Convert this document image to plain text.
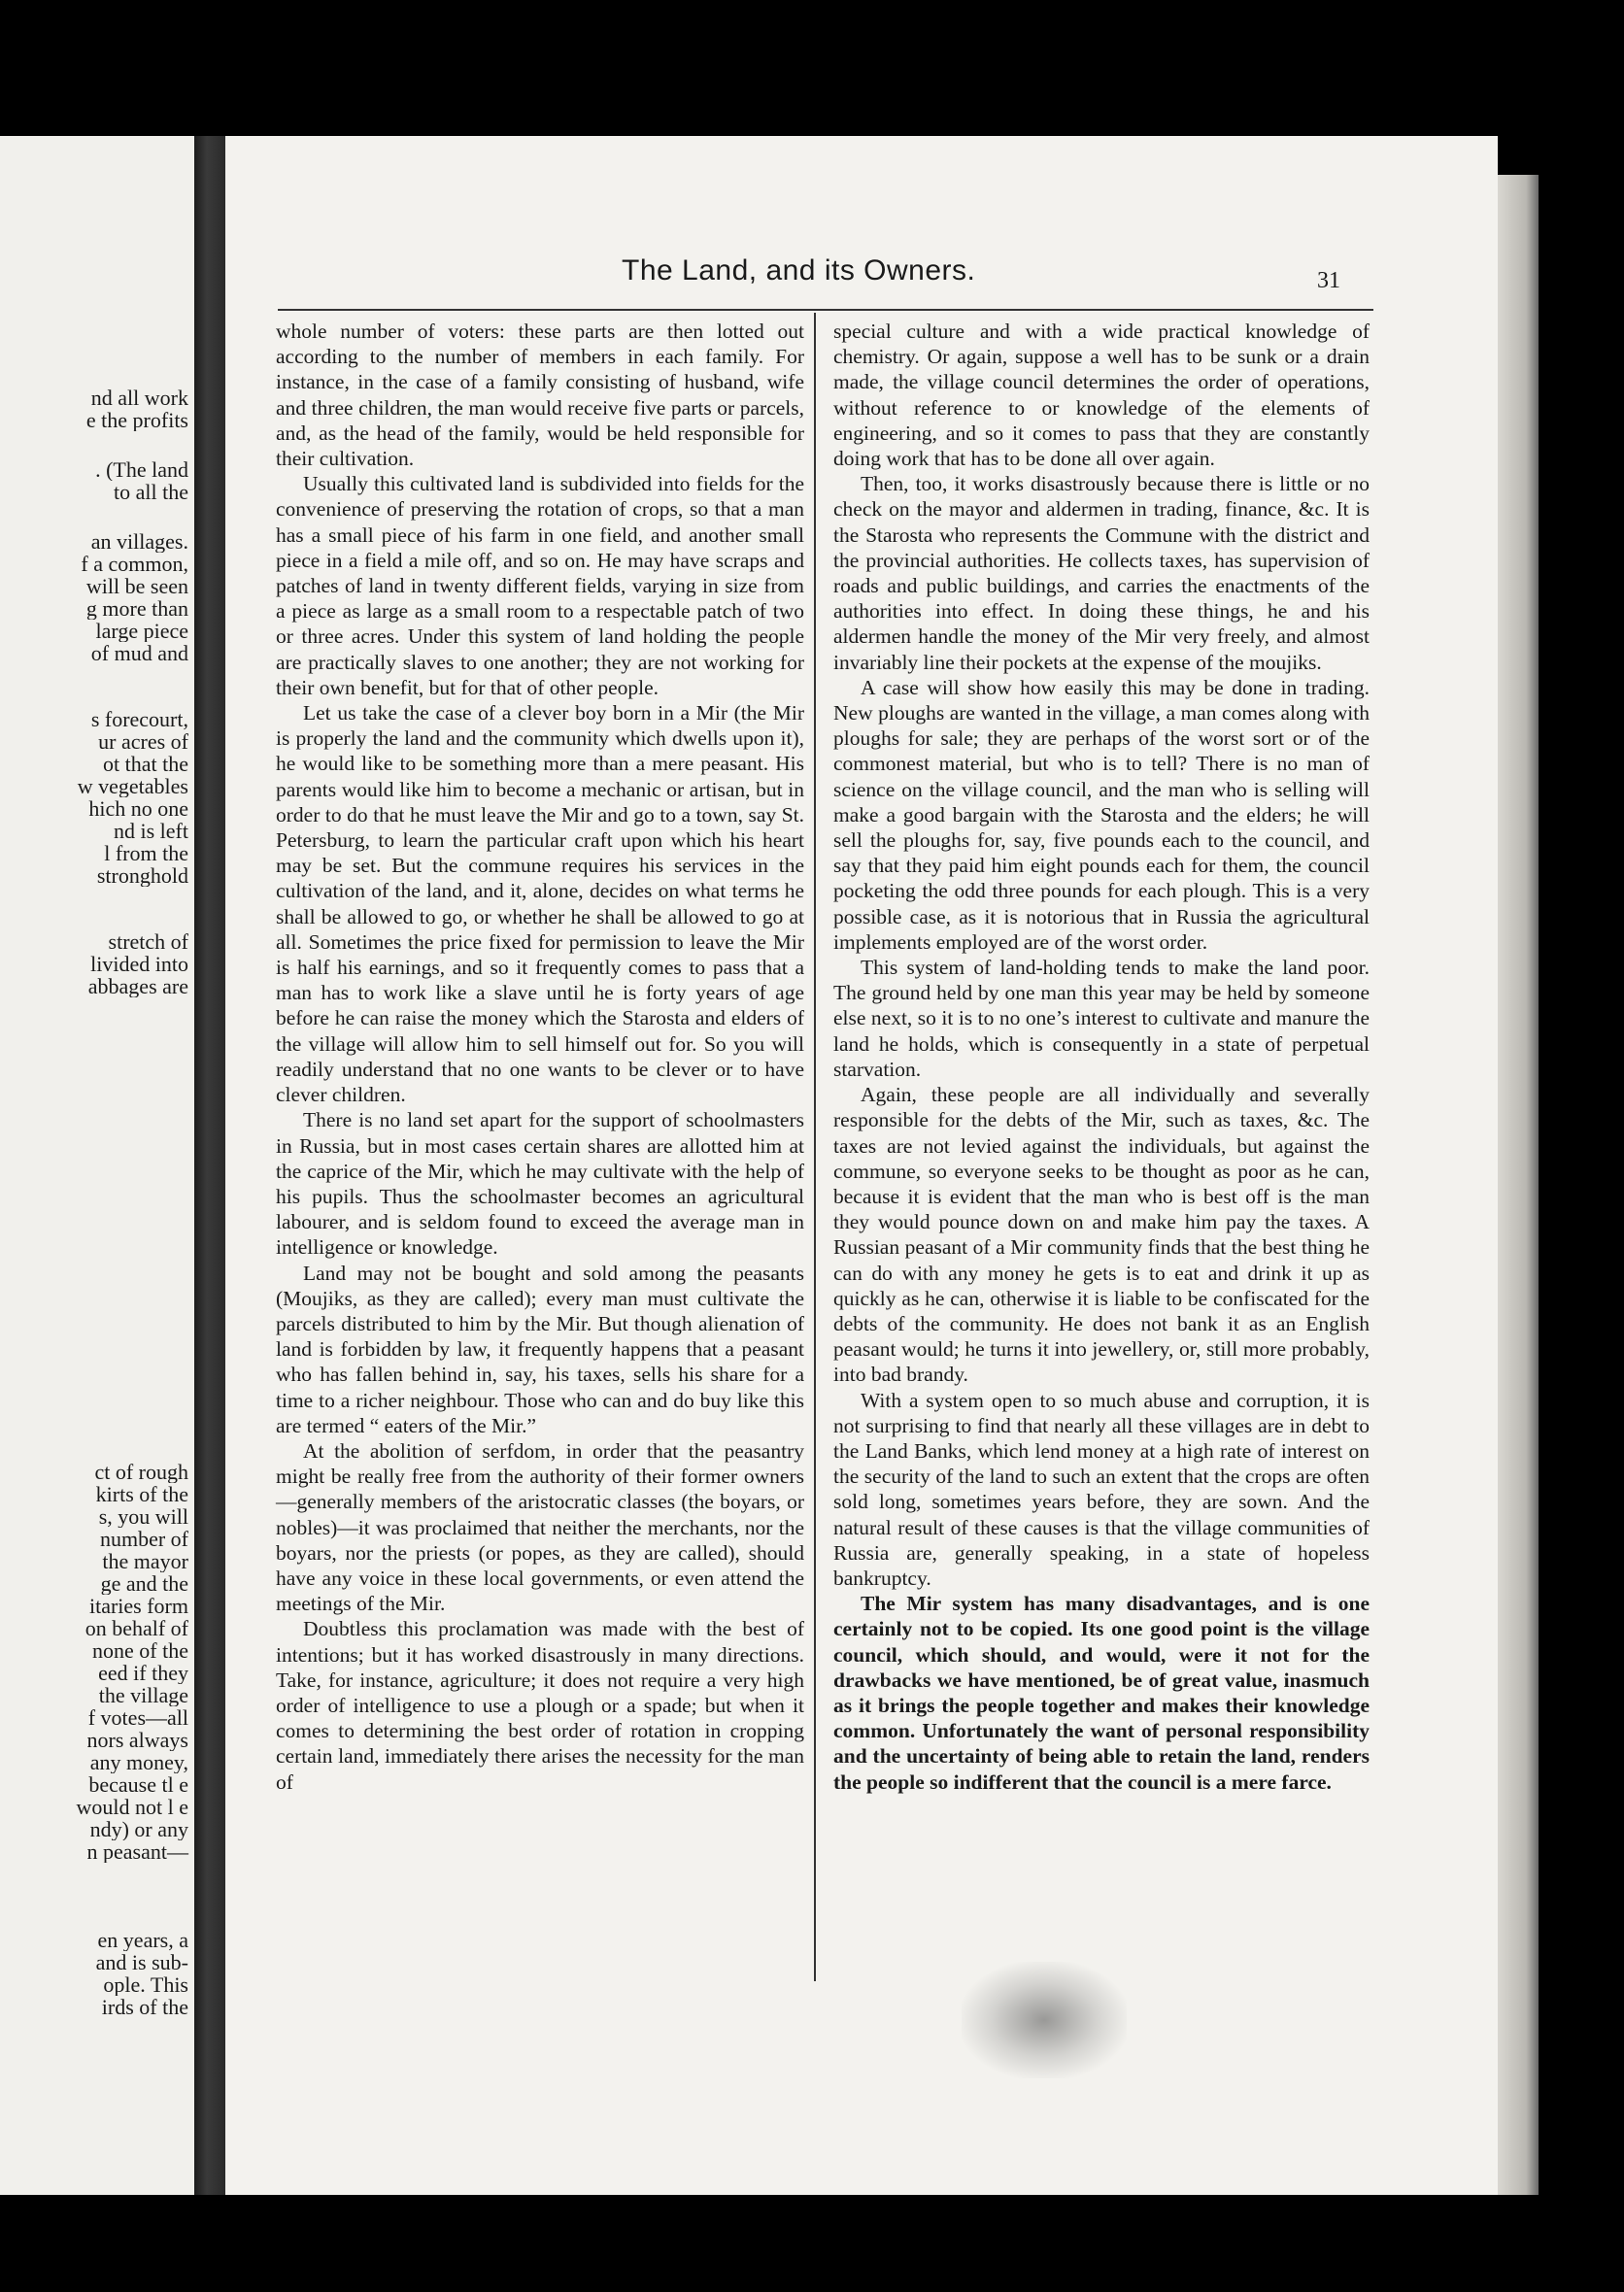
nd all work
e the profits
. (The land
to all the
an villages.
f a common,
will be seen
g more than
large piece
of mud and
s forecourt,
ur acres of
ot that the
w vegetables
hich no one
nd is left
l from the
stronghold
stretch of
livided into
abbages are
ct of rough
kirts of the
s, you will
number of
the mayor
ge and the
itaries form
on behalf of
none of the
eed if they
the village
f votes—all
nors always
any money,
because tl e
would not l e
ndy) or any
n peasant—
en years, a
and is sub-
ople. This
irds of the
The Land, and its Owners.	31

whole number of voters: these parts are then lotted out according to the number of members in each family. For instance, in the case of a family consisting of husband, wife and three children, the man would receive five parts or parcels, and, as the head of the family, would be held responsible for their cultivation.

Usually this cultivated land is subdivided into fields for the convenience of preserving the rotation of crops, so that a man has a small piece of his farm in one field, and another small piece in a field a mile off, and so on. He may have scraps and patches of land in twenty different fields, varying in size from a piece as large as a small room to a respectable patch of two or three acres. Under this system of land holding the people are practically slaves to one another; they are not working for their own benefit, but for that of other people.

Let us take the case of a clever boy born in a Mir (the Mir is properly the land and the community which dwells upon it), he would like to be something more than a mere peasant. His parents would like him to become a mechanic or artisan, but in order to do that he must leave the Mir and go to a town, say St. Petersburg, to learn the particular craft upon which his heart may be set. But the commune requires his services in the cultivation of the land, and it, alone, decides on what terms he shall be allowed to go, or whether he shall be allowed to go at all. Sometimes the price fixed for permission to leave the Mir is half his earnings, and so it frequently comes to pass that a man has to work like a slave until he is forty years of age before he can raise the money which the Starosta and elders of the village will allow him to sell himself out for. So you will readily understand that no one wants to be clever or to have clever children.

There is no land set apart for the support of schoolmasters in Russia, but in most cases certain shares are allotted him at the caprice of the Mir, which he may cultivate with the help of his pupils. Thus the schoolmaster becomes an agricultural labourer, and is seldom found to exceed the average man in intelligence or knowledge.

Land may not be bought and sold among the peasants (Moujiks, as they are called); every man must cultivate the parcels distributed to him by the Mir. But though alienation of land is forbidden by law, it frequently happens that a peasant who has fallen behind in, say, his taxes, sells his share for a time to a richer neighbour. Those who can and do buy like this are termed “ eaters of the Mir.”

At the abolition of serfdom, in order that the peasantry might be really free from the authority of their former owners—generally members of the aristocratic classes (the boyars, or nobles)—it was proclaimed that neither the merchants, nor the boyars, nor the priests (or popes, as they are called), should have any voice in these local governments, or even attend the meetings of the Mir.

Doubtless this proclamation was made with the best of intentions; but it has worked disastrously in many directions. Take, for instance, agriculture; it does not require a very high order of intelligence to use a plough or a spade; but when it comes to determining the best order of rotation in cropping certain land, immediately there arises the necessity for the man of

special culture and with a wide practical knowledge of chemistry. Or again, suppose a well has to be sunk or a drain made, the village council determines the order of operations, without reference to or knowledge of the elements of engineering, and so it comes to pass that they are constantly doing work that has to be done all over again.

Then, too, it works disastrously because there is little or no check on the mayor and aldermen in trading, finance, &c. It is the Starosta who represents the Commune with the district and the provincial authorities. He collects taxes, has supervision of roads and public buildings, and carries the enactments of the authorities into effect. In doing these things, he and his aldermen handle the money of the Mir very freely, and almost invariably line their pockets at the expense of the moujiks.

A case will show how easily this may be done in trading. New ploughs are wanted in the village, a man comes along with ploughs for sale; they are perhaps of the worst sort or of the commonest material, but who is to tell? There is no man of science on the village council, and the man who is selling will make a good bargain with the Starosta and the elders; he will sell the ploughs for, say, five pounds each to the council, and say that they paid him eight pounds each for them, the council pocketing the odd three pounds for each plough. This is a very possible case, as it is notorious that in Russia the agricultural implements employed are of the worst order.

This system of land-holding tends to make the land poor. The ground held by one man this year may be held by someone else next, so it is to no one’s interest to cultivate and manure the land he holds, which is consequently in a state of perpetual starvation.

Again, these people are all individually and severally responsible for the debts of the Mir, such as taxes, &c. The taxes are not levied against the individuals, but against the commune, so everyone seeks to be thought as poor as he can, because it is evident that the man who is best off is the man they would pounce down on and make him pay the taxes. A Russian peasant of a Mir community finds that the best thing he can do with any money he gets is to eat and drink it up as quickly as he can, otherwise it is liable to be confiscated for the debts of the community. He does not bank it as an English peasant would; he turns it into jewellery, or, still more probably, into bad brandy.

With a system open to so much abuse and corruption, it is not surprising to find that nearly all these villages are in debt to the Land Banks, which lend money at a high rate of interest on the security of the land to such an extent that the crops are often sold long, sometimes years before, they are sown. And the natural result of these causes is that the village communities of Russia are, generally speaking, in a state of hopeless bankruptcy.

The Mir system has many disadvantages, and is one certainly not to be copied. Its one good point is the village council, which should, and would, were it not for the drawbacks we have mentioned, be of great value, inasmuch as it brings the people together and makes their knowledge common. Unfortunately the want of personal responsibility and the uncertainty of being able to retain the land, renders the people so indifferent that the council is a mere farce.
